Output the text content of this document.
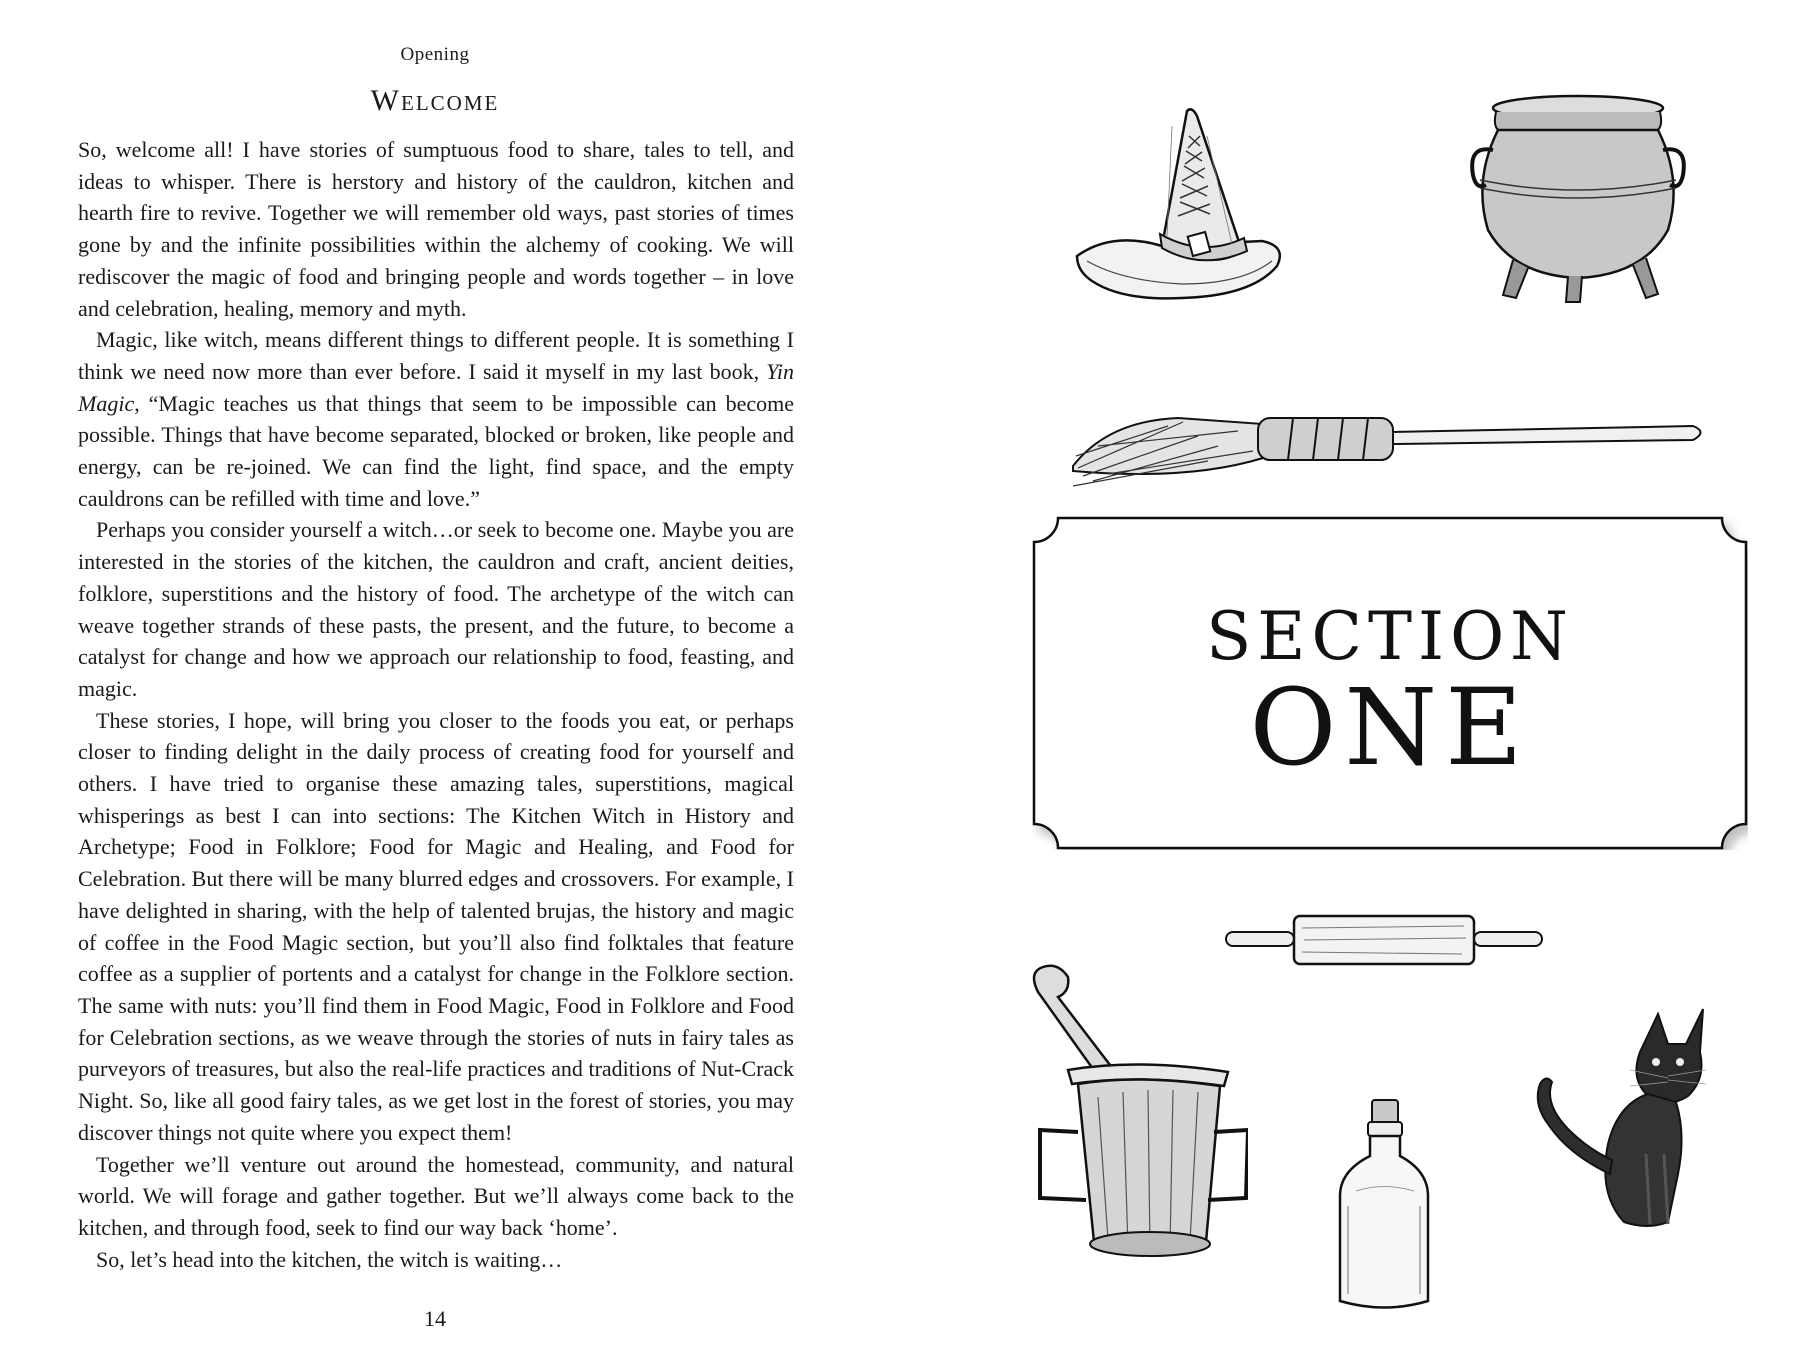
Opening
Welcome

So, welcome all! I have stories of sumptuous food to share, tales to tell, and ideas to whisper. There is herstory and history of the cauldron, kitchen and hearth fire to revive. Together we will remember old ways, past stories of times gone by and the infinite possibilities within the alchemy of cooking. We will rediscover the magic of food and bringing people and words together – in love and celebration, healing, memory and myth.

Magic, like witch, means different things to different people. It is something I think we need now more than ever before. I said it myself in my last book, Yin Magic, “Magic teaches us that things that seem to be impossible can become possible. Things that have become separated, blocked or broken, like people and energy, can be re-joined. We can find the light, find space, and the empty cauldrons can be refilled with time and love.”

Perhaps you consider yourself a witch…or seek to become one. Maybe you are interested in the stories of the kitchen, the cauldron and craft, ancient deities, folklore, superstitions and the history of food. The archetype of the witch can weave together strands of these pasts, the present, and the future, to become a catalyst for change and how we approach our relationship to food, feasting, and magic.

These stories, I hope, will bring you closer to the foods you eat, or perhaps closer to finding delight in the daily process of creating food for yourself and others. I have tried to organise these amazing tales, superstitions, magical whisperings as best I can into sections: The Kitchen Witch in History and Archetype; Food in Folklore; Food for Magic and Healing, and Food for Celebration. But there will be many blurred edges and crossovers. For example, I have delighted in sharing, with the help of talented brujas, the history and magic of coffee in the Food Magic section, but you’ll also find folktales that feature coffee as a supplier of portents and a catalyst for change in the Folklore section. The same with nuts: you’ll find them in Food Magic, Food in Folklore and Food for Celebration sections, as we weave through the stories of nuts in fairy tales as purveyors of treasures, but also the real-life practices and traditions of Nut-Crack Night. So, like all good fairy tales, as we get lost in the forest of stories, you may discover things not quite where you expect them!

Together we’ll venture out around the homestead, community, and natural world. We will forage and gather together. But we’ll always come back to the kitchen, and through food, seek to find our way back ‘home’.

So, let’s head into the kitchen, the witch is waiting…

14
SECTION
ONE
